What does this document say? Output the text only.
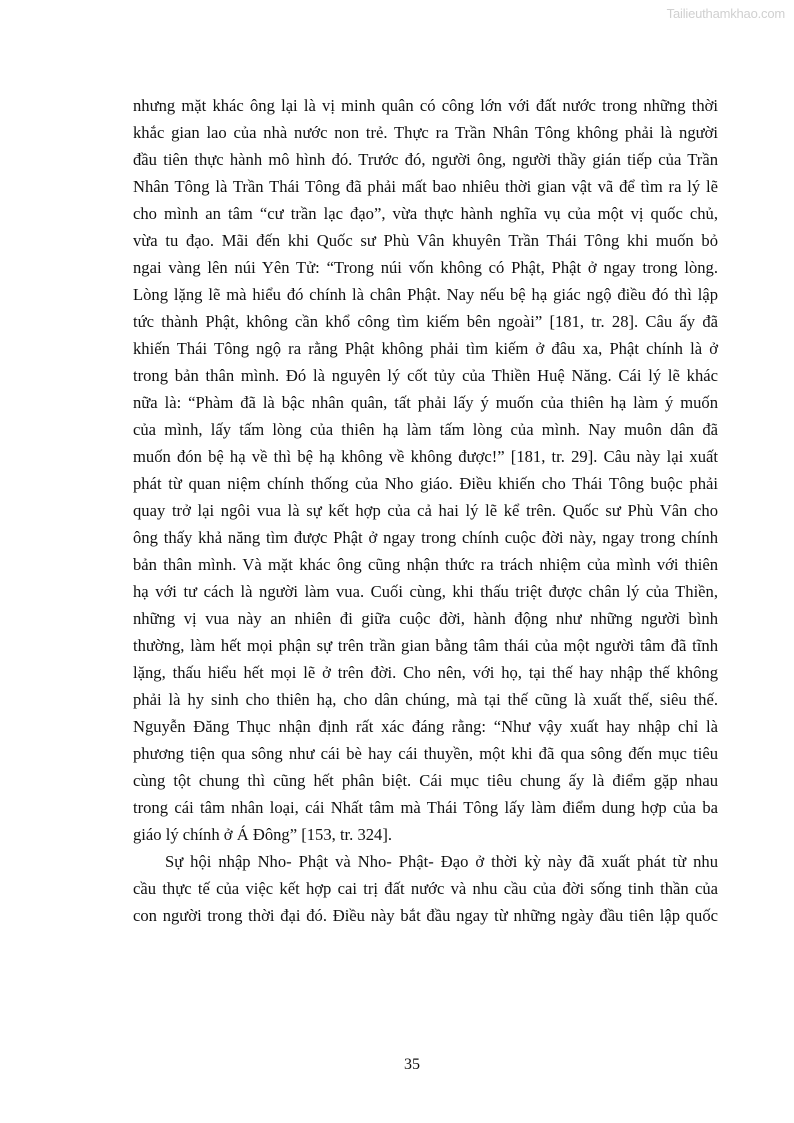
Tailieuthamkhao.com
nhưng mặt khác ông lại là vị minh quân có công lớn với đất nước trong những thời
khắc gian lao của nhà nước non trẻ. Thực ra Trần Nhân Tông không phải là người
đầu tiên thực hành mô hình đó. Trước đó, người ông, người thầy gián tiếp của Trần
Nhân Tông là Trần Thái Tông đã phải mất bao nhiêu thời gian vật vã để tìm ra lý lẽ
cho mình an tâm “cư trần lạc đạo”, vừa thực hành nghĩa vụ của một vị quốc chủ,
vừa tu đạo. Mãi đến khi Quốc sư Phù Vân khuyên Trần Thái Tông khi muốn bỏ
ngai vàng lên núi Yên Tử: “Trong núi vốn không có Phật, Phật ở ngay trong lòng.
Lòng lặng lẽ mà hiểu đó chính là chân Phật. Nay nếu bệ hạ giác ngộ điều đó thì lập
tức thành Phật, không cần khổ công tìm kiếm bên ngoài” [181, tr. 28]. Câu ấy đã
khiến Thái Tông ngộ ra rằng Phật không phải tìm kiếm ở đâu xa, Phật chính là ở
trong bản thân mình. Đó là nguyên lý cốt tủy của Thiền Huệ Năng. Cái lý lẽ khác
nữa là: “Phàm đã là bậc nhân quân, tất phải lấy ý muốn của thiên hạ làm ý muốn
của mình, lấy tấm lòng của thiên hạ làm tấm lòng của mình. Nay muôn dân đã
muốn đón bệ hạ về thì bệ hạ không về không được!” [181, tr. 29]. Câu này lại xuất
phát từ quan niệm chính thống của Nho giáo. Điều khiến cho Thái Tông buộc phải
quay trở lại ngôi vua là sự kết hợp của cả hai lý lẽ kể trên. Quốc sư Phù Vân cho
ông thấy khả năng tìm được Phật ở ngay trong chính cuộc đời này, ngay trong chính
bản thân mình. Và mặt khác ông cũng nhận thức ra trách nhiệm của mình với thiên
hạ với tư cách là người làm vua. Cuối cùng, khi thấu triệt được chân lý của Thiền,
những vị vua này an nhiên đi giữa cuộc đời, hành động như những người bình
thường, làm hết mọi phận sự trên trần gian bằng tâm thái của một người tâm đã tĩnh
lặng, thấu hiểu hết mọi lẽ ở trên đời. Cho nên, với họ, tại thế hay nhập thế không
phải là hy sinh cho thiên hạ, cho dân chúng, mà tại thế cũng là xuất thế, siêu thế.
Nguyễn Đăng Thục nhận định rất xác đáng rằng: “Như vậy xuất hay nhập chỉ là
phương tiện qua sông như cái bè hay cái thuyền, một khi đã qua sông đến mục tiêu
cùng tột chung thì cũng hết phân biệt. Cái mục tiêu chung ấy là điểm gặp nhau
trong cái tâm nhân loại, cái Nhất tâm mà Thái Tông lấy làm điểm dung hợp của ba
giáo lý chính ở Á Đông” [153, tr. 324].
Sự hội nhập Nho- Phật và Nho- Phật- Đạo ở thời kỳ này đã xuất phát từ nhu
cầu thực tế của việc kết hợp cai trị đất nước và nhu cầu của đời sống tinh thần của
con người trong thời đại đó. Điều này bắt đầu ngay từ những ngày đầu tiên lập quốc
35
